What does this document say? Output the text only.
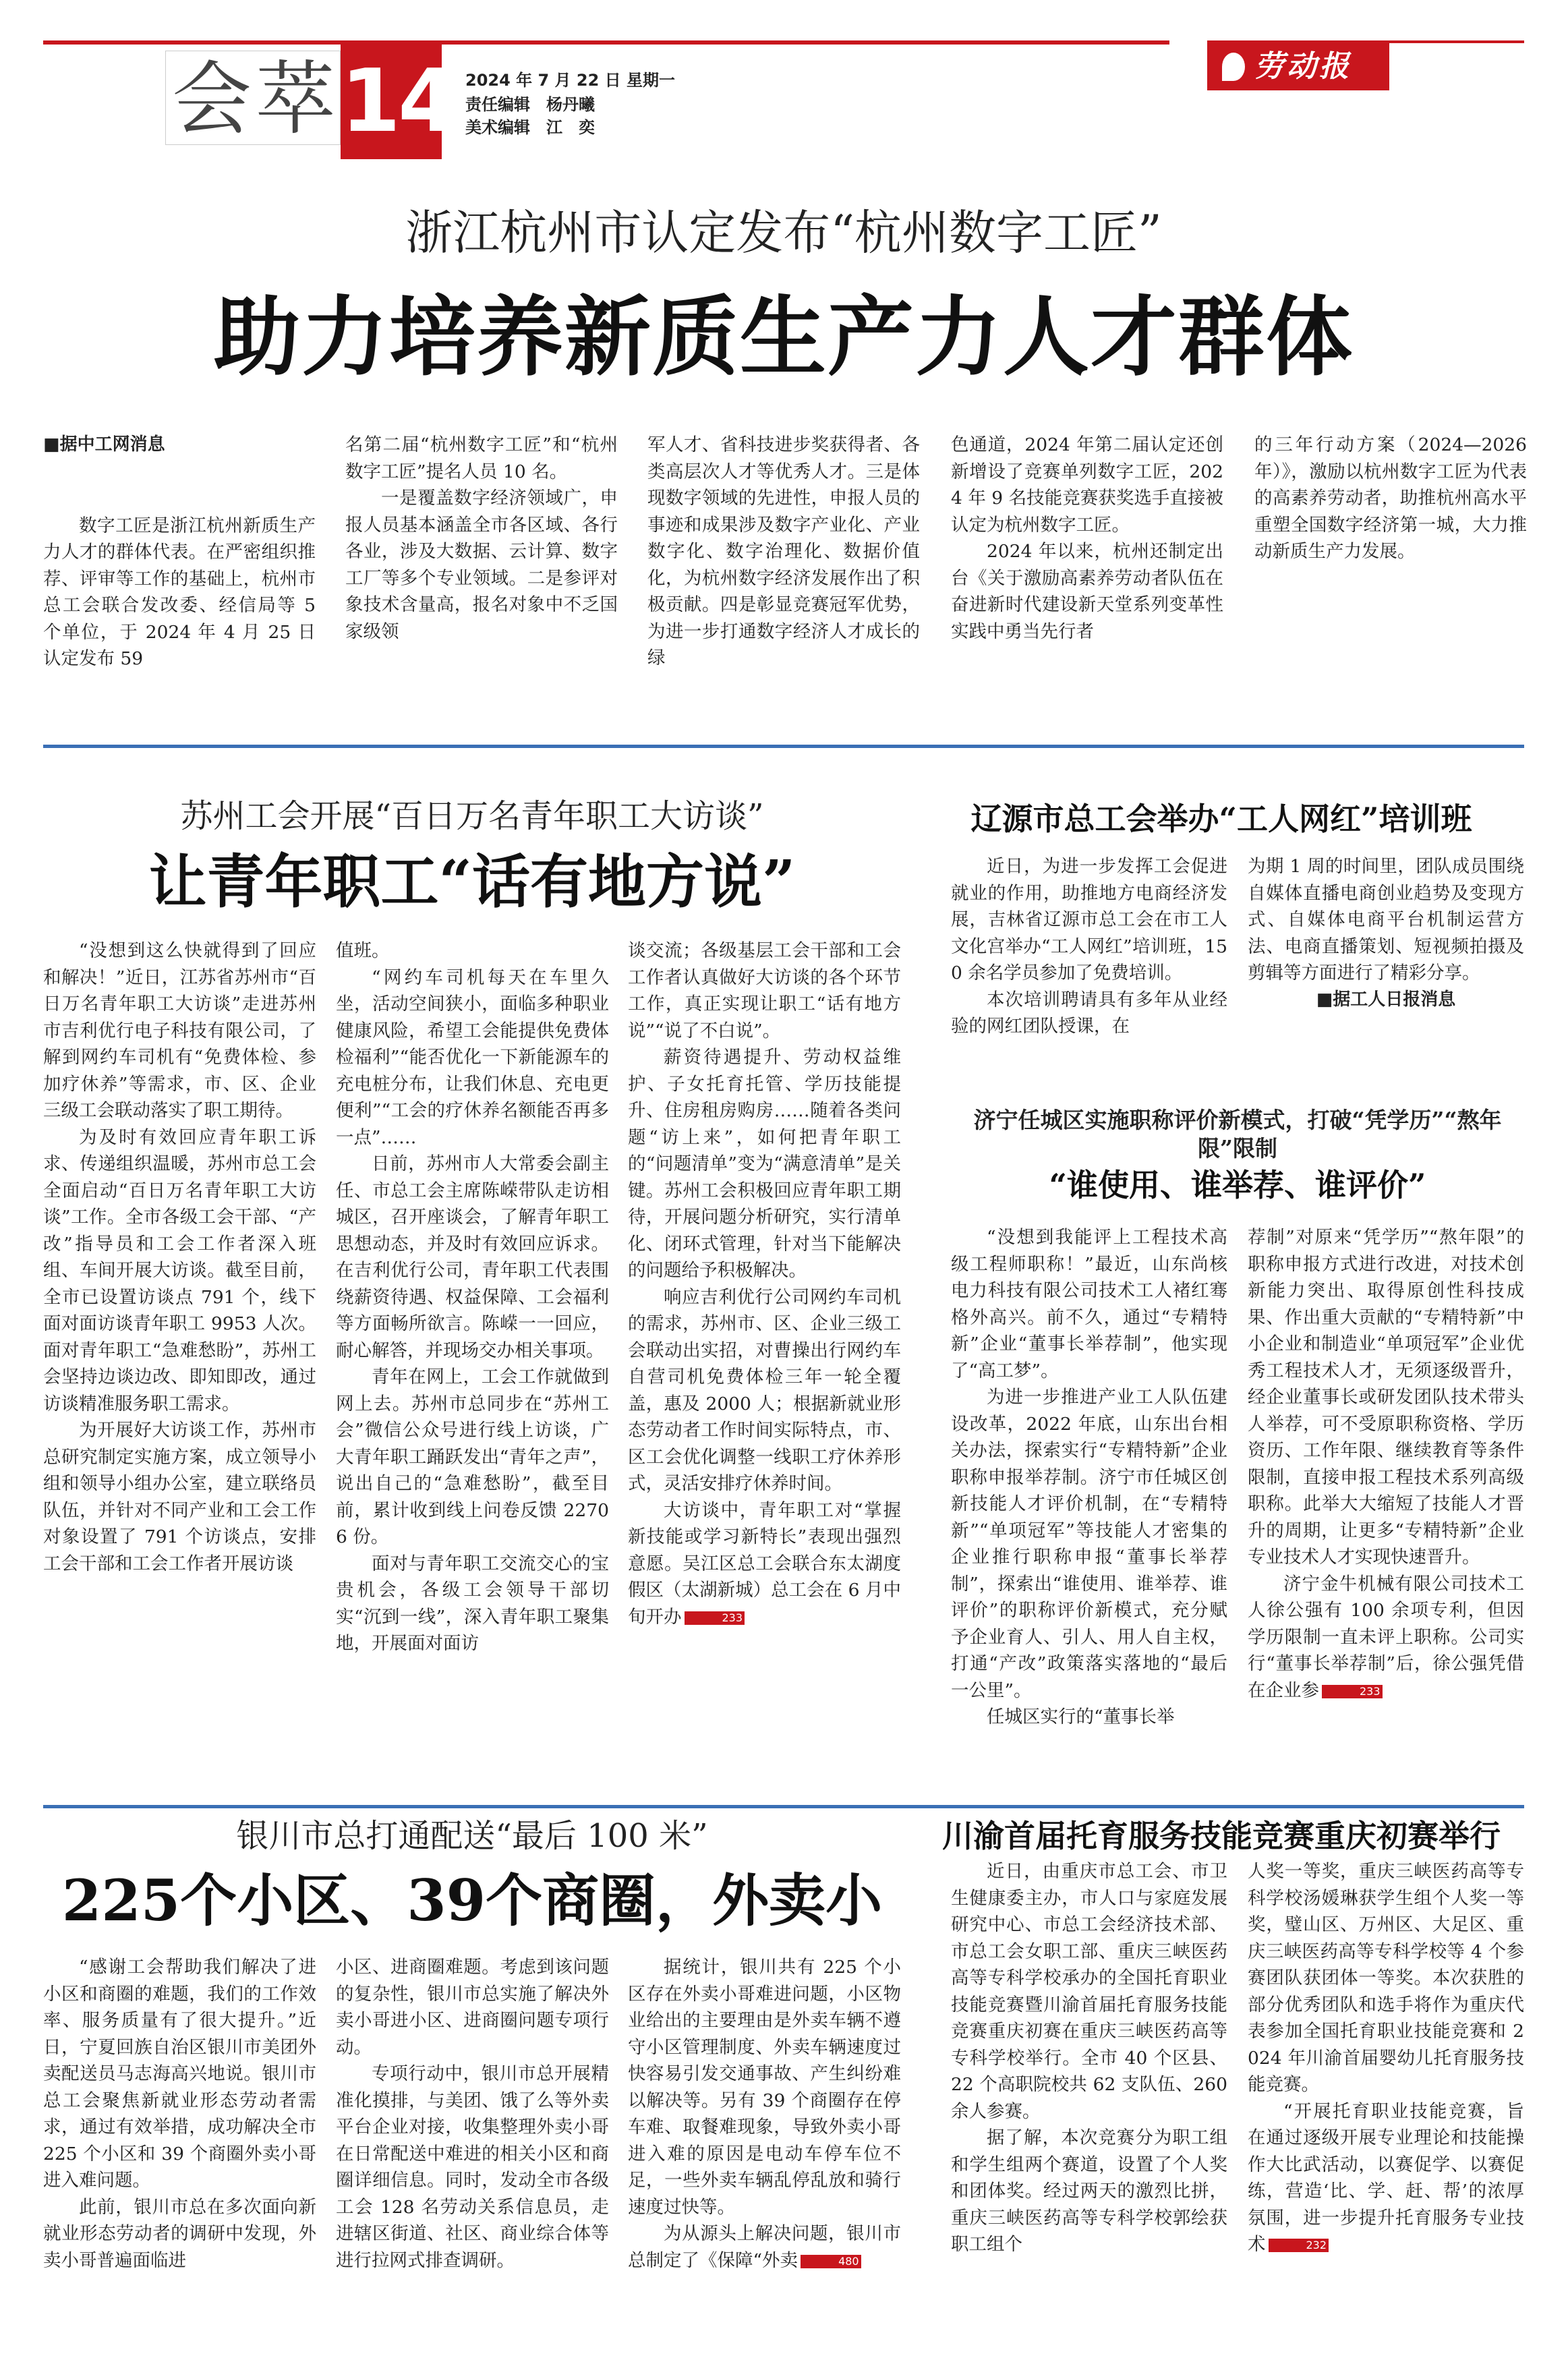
劳动报
会萃 14 2024 年 7 月 22 日 星期一
责任编辑　杨丹曦
美术编辑　江　奕
浙江杭州市认定发布“杭州数字工匠”
助力培养新质生产力人才群体

■据中工网消息

数字工匠是浙江杭州新质生产力人才的群体代表。在严密组织推荐、评审等工作的基础上，杭州市总工会联合发改委、经信局等 5 个单位，于 2024 年 4 月 25 日认定发布 59

名第二届“杭州数字工匠”和“杭州数字工匠”提名人员 10 名。

一是覆盖数字经济领域广，申报人员基本涵盖全市各区域、各行各业，涉及大数据、云计算、数字工厂等多个专业领域。二是参评对象技术含量高，报名对象中不乏国家级领

军人才、省科技进步奖获得者、各类高层次人才等优秀人才。三是体现数字领域的先进性，申报人员的事迹和成果涉及数字产业化、产业数字化、数字治理化、数据价值化，为杭州数字经济发展作出了积极贡献。四是彰显竞赛冠军优势，为进一步打通数字经济人才成长的绿

色通道，2024 年第二届认定还创新增设了竞赛单列数字工匠，2024 年 9 名技能竞赛获奖选手直接被认定为杭州数字工匠。

2024 年以来，杭州还制定出台《关于激励高素养劳动者队伍在奋进新时代建设新天堂系列变革性实践中勇当先行者

的三年行动方案（2024—2026 年）》，激励以杭州数字工匠为代表的高素养劳动者，助推杭州高水平重塑全国数字经济第一城，大力推动新质生产力发展。

苏州工会开展“百日万名青年职工大访谈”
让青年职工“话有地方说”

“没想到这么快就得到了回应和解决！”近日，江苏省苏州市“百日万名青年职工大访谈”走进苏州市吉利优行电子科技有限公司，了解到网约车司机有“免费体检、参加疗休养”等需求，市、区、企业三级工会联动落实了职工期待。

为及时有效回应青年职工诉求、传递组织温暖，苏州市总工会全面启动“百日万名青年职工大访谈”工作。全市各级工会干部、“产改”指导员和工会工作者深入班组、车间开展大访谈。截至目前，全市已设置访谈点 791 个，线下面对面访谈青年职工 9953 人次。面对青年职工“急难愁盼”，苏州工会坚持边谈边改、即知即改，通过访谈精准服务职工需求。

为开展好大访谈工作，苏州市总研究制定实施方案，成立领导小组和领导小组办公室，建立联络员队伍，并针对不同产业和工会工作对象设置了 791 个访谈点，安排工会干部和工会工作者开展访谈

值班。

“网约车司机每天在车里久坐，活动空间狭小，面临多种职业健康风险，希望工会能提供免费体检福利”“能否优化一下新能源车的充电桩分布，让我们休息、充电更便利”“工会的疗休养名额能否再多一点”……

日前，苏州市人大常委会副主任、市总工会主席陈嵘带队走访相城区，召开座谈会，了解青年职工思想动态，并及时有效回应诉求。在吉利优行公司，青年职工代表围绕薪资待遇、权益保障、工会福利等方面畅所欲言。陈嵘一一回应，耐心解答，并现场交办相关事项。

青年在网上，工会工作就做到网上去。苏州市总同步在“苏州工会”微信公众号进行线上访谈，广大青年职工踊跃发出“青年之声”，说出自己的“急难愁盼”，截至目前，累计收到线上问卷反馈 22706 份。

面对与青年职工交流交心的宝贵机会，各级工会领导干部切实“沉到一线”，深入青年职工聚集地，开展面对面访

谈交流；各级基层工会干部和工会工作者认真做好大访谈的各个环节工作，真正实现让职工“话有地方说”“说了不白说”。

薪资待遇提升、劳动权益维护、子女托育托管、学历技能提升、住房租房购房……随着各类问题“访上来”，如何把青年职工的“问题清单”变为“满意清单”是关键。苏州工会积极回应青年职工期待，开展问题分析研究，实行清单化、闭环式管理，针对当下能解决的问题给予积极解决。

响应吉利优行公司网约车司机的需求，苏州市、区、企业三级工会联动出实招，对曹操出行网约车自营司机免费体检三年一轮全覆盖，惠及 2000 人；根据新就业形态劳动者工作时间实际特点，市、区工会优化调整一线职工疗休养形式，灵活安排疗休养时间。

大访谈中，青年职工对“掌握新技能或学习新特长”表现出强烈意愿。吴江区总工会联合东太湖度假区（太湖新城）总工会在 6 月中旬开办	233

辽源市总工会举办“工人网红”培训班

近日，为进一步发挥工会促进就业的作用，助推地方电商经济发展，吉林省辽源市总工会在市工人文化宫举办“工人网红”培训班，150 余名学员参加了免费培训。

本次培训聘请具有多年从业经验的网红团队授课，在

为期 1 周的时间里，团队成员围绕自媒体直播电商创业趋势及变现方式、自媒体电商平台机制运营方法、电商直播策划、短视频拍摄及剪辑等方面进行了精彩分享。

■据工人日报消息

济宁任城区实施职称评价新模式，打破“凭学历”“熬年限”限制
“谁使用、谁举荐、谁评价”

“没想到我能评上工程技术高级工程师职称！”最近，山东尚核电力科技有限公司技术工人褚红骞格外高兴。前不久，通过“专精特新”企业“董事长举荐制”，他实现了“高工梦”。

为进一步推进产业工人队伍建设改革，2022 年底，山东出台相关办法，探索实行“专精特新”企业职称申报举荐制。济宁市任城区创新技能人才评价机制，在“专精特新”“单项冠军”等技能人才密集的企业推行职称申报“董事长举荐制”，探索出“谁使用、谁举荐、谁评价”的职称评价新模式，充分赋予企业育人、引人、用人自主权，打通“产改”政策落实落地的“最后一公里”。

任城区实行的“董事长举

荐制”对原来“凭学历”“熬年限”的职称申报方式进行改进，对技术创新能力突出、取得原创性科技成果、作出重大贡献的“专精特新”中小企业和制造业“单项冠军”企业优秀工程技术人才，无须逐级晋升，经企业董事长或研发团队技术带头人举荐，可不受原职称资格、学历资历、工作年限、继续教育等条件限制，直接申报工程技术系列高级职称。此举大大缩短了技能人才晋升的周期，让更多“专精特新”企业专业技术人才实现快速晋升。

济宁金牛机械有限公司技术工人徐公强有 100 余项专利，但因学历限制一直未评上职称。公司实行“董事长举荐制”后，徐公强凭借在企业参	233

银川市总打通配送“最后 100 米”
225个小区、39个商圈，外卖小

“感谢工会帮助我们解决了进小区和商圈的难题，我们的工作效率、服务质量有了很大提升。”近日，宁夏回族自治区银川市美团外卖配送员马志海高兴地说。银川市总工会聚焦新就业形态劳动者需求，通过有效举措，成功解决全市 225 个小区和 39 个商圈外卖小哥进入难问题。

此前，银川市总在多次面向新就业形态劳动者的调研中发现，外卖小哥普遍面临进

小区、进商圈难题。考虑到该问题的复杂性，银川市总实施了解决外卖小哥进小区、进商圈问题专项行动。

专项行动中，银川市总开展精准化摸排，与美团、饿了么等外卖平台企业对接，收集整理外卖小哥在日常配送中难进的相关小区和商圈详细信息。同时，发动全市各级工会 128 名劳动关系信息员，走进辖区街道、社区、商业综合体等进行拉网式排查调研。

据统计，银川共有 225 个小区存在外卖小哥难进问题，小区物业给出的主要理由是外卖车辆不遵守小区管理制度、外卖车辆速度过快容易引发交通事故、产生纠纷难以解决等。另有 39 个商圈存在停车难、取餐难现象，导致外卖小哥进入难的原因是电动车停车位不足，一些外卖车辆乱停乱放和骑行速度过快等。

为从源头上解决问题，银川市总制定了《保障“外卖	480

川渝首届托育服务技能竞赛重庆初赛举行

近日，由重庆市总工会、市卫生健康委主办，市人口与家庭发展研究中心、市总工会经济技术部、市总工会女职工部、重庆三峡医药高等专科学校承办的全国托育职业技能竞赛暨川渝首届托育服务技能竞赛重庆初赛在重庆三峡医药高等专科学校举行。全市 40 个区县、22 个高职院校共 62 支队伍、260 余人参赛。

据了解，本次竞赛分为职工组和学生组两个赛道，设置了个人奖和团体奖。经过两天的激烈比拼，重庆三峡医药高等专科学校郭绘获职工组个

人奖一等奖，重庆三峡医药高等专科学校汤媛琳获学生组个人奖一等奖，璧山区、万州区、大足区、重庆三峡医药高等专科学校等 4 个参赛团队获团体一等奖。本次获胜的部分优秀团队和选手将作为重庆代表参加全国托育职业技能竞赛和 2024 年川渝首届婴幼儿托育服务技能竞赛。

“开展托育职业技能竞赛，旨在通过逐级开展专业理论和技能操作大比武活动，以赛促学、以赛促练，营造‘比、学、赶、帮’的浓厚氛围，进一步提升托育服务专业技术	232
